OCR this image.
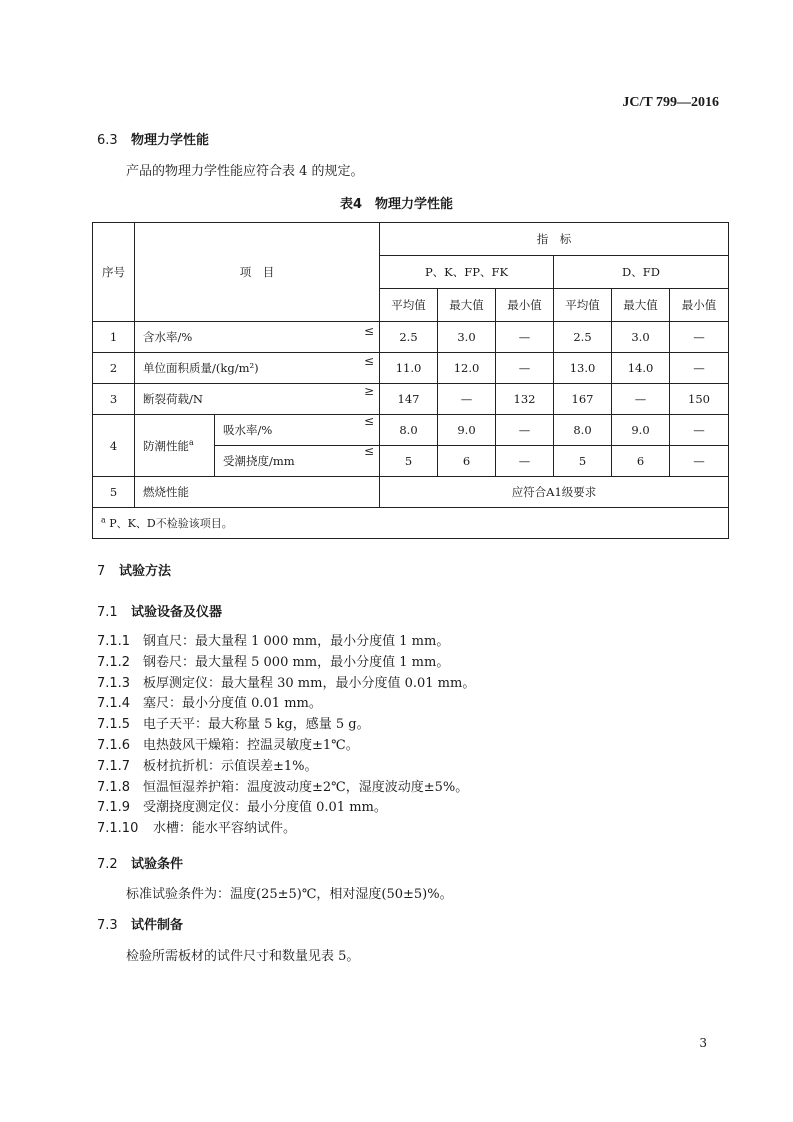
JC/T 799—2016
6.3 物理力学性能
产品的物理力学性能应符合表 4 的规定。
表4　物理力学性能
序号	项　目		指　标					
			P、K、FP、FK			D、FD		
			平均值	最大值	最小值	平均值	最大值	最小值
1	含水率/%		2.5	3.0	—	2.5	3.0	—
2	单位面积质量/(kg/m²)		11.0	12.0	—	13.0	14.0	—
3	断裂荷载/N		147	—	132	167	—	150
4	防潮性能$^a$	吸水率/%	8.0	9.0	—	8.0	9.0	—
		受潮挠度/mm	5	6	—	5	6	—
5	燃烧性能		应符合A1级要求					
$^a$ P、K、D不检验该项目。								
≤
≤
≥
≤
≤
7 试验方法
7.1 试验设备及仪器
7.1.1 钢直尺：最大量程 1 000 mm，最小分度值 1 mm。
7.1.2 钢卷尺：最大量程 5 000 mm，最小分度值 1 mm。
7.1.3 板厚测定仪：最大量程 30 mm，最小分度值 0.01 mm。
7.1.4 塞尺：最小分度值 0.01 mm。
7.1.5 电子天平：最大称量 5 kg，感量 5 g。
7.1.6 电热鼓风干燥箱：控温灵敏度±1℃。
7.1.7 板材抗折机：示值误差±1%。
7.1.8 恒温恒湿养护箱：温度波动度±2℃，湿度波动度±5%。
7.1.9 受潮挠度测定仪：最小分度值 0.01 mm。
7.1.10 水槽：能水平容纳试件。
7.2 试验条件
标准试验条件为：温度(25±5)℃，相对湿度(50±5)%。
7.3 试件制备
检验所需板材的试件尺寸和数量见表 5。
3
